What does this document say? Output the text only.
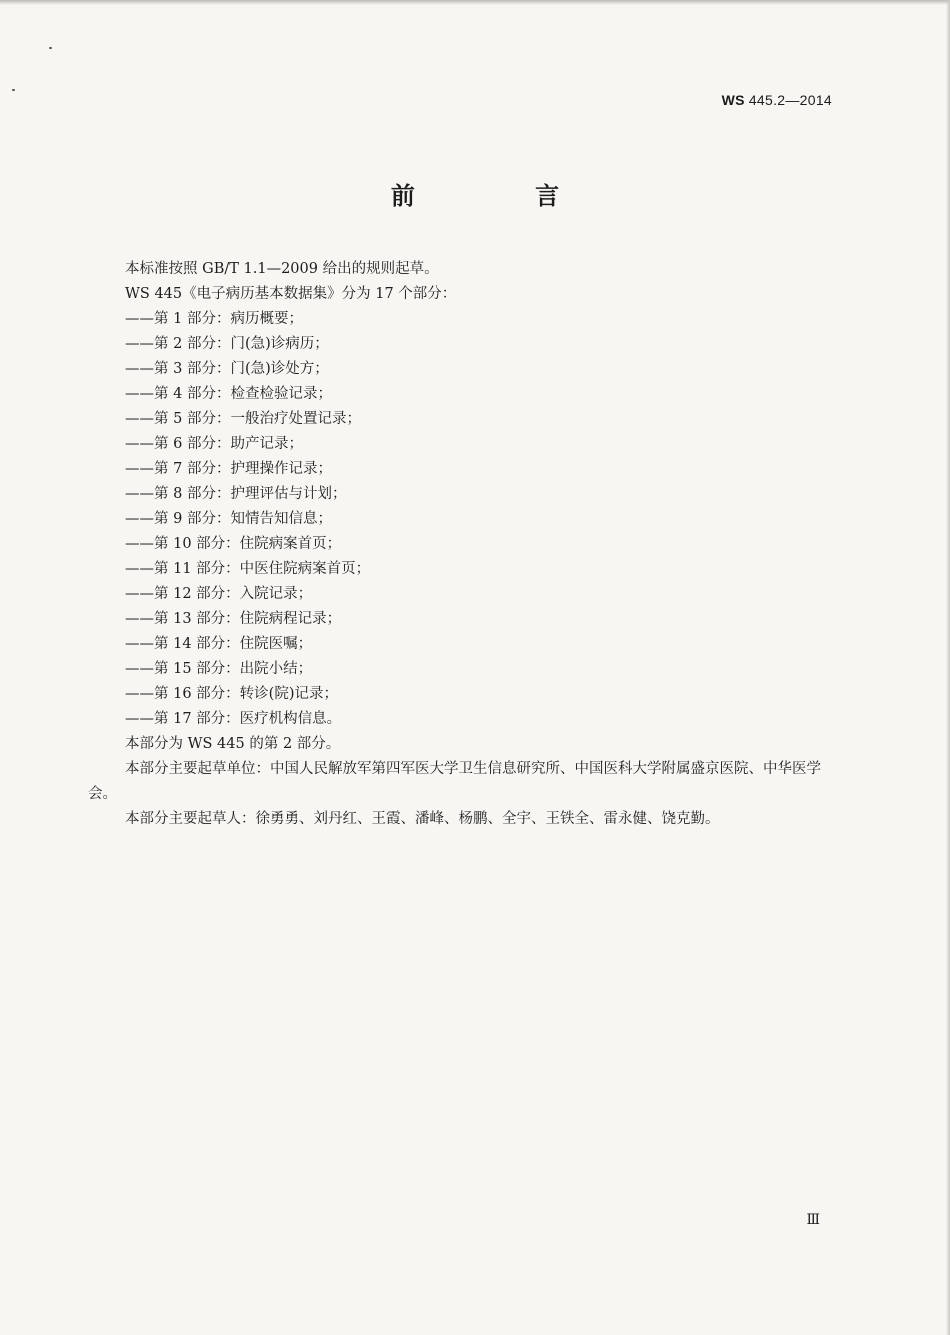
WS 445.2—2014
前 言

本标准按照 GB/T 1.1—2009 给出的规则起草。

WS 445《电子病历基本数据集》分为 17 个部分：

——第 1 部分：病历概要；

——第 2 部分：门(急)诊病历；

——第 3 部分：门(急)诊处方；

——第 4 部分：检查检验记录；

——第 5 部分：一般治疗处置记录；

——第 6 部分：助产记录；

——第 7 部分：护理操作记录；

——第 8 部分：护理评估与计划；

——第 9 部分：知情告知信息；

——第 10 部分：住院病案首页；

——第 11 部分：中医住院病案首页；

——第 12 部分：入院记录；

——第 13 部分：住院病程记录；

——第 14 部分：住院医嘱；

——第 15 部分：出院小结；

——第 16 部分：转诊(院)记录；

——第 17 部分：医疗机构信息。

本部分为 WS 445 的第 2 部分。

本部分主要起草单位：中国人民解放军第四军医大学卫生信息研究所、中国医科大学附属盛京医院、中华医学会。

本部分主要起草人：徐勇勇、刘丹红、王霞、潘峰、杨鹏、全宇、王铁全、雷永健、饶克勤。

Ⅲ
